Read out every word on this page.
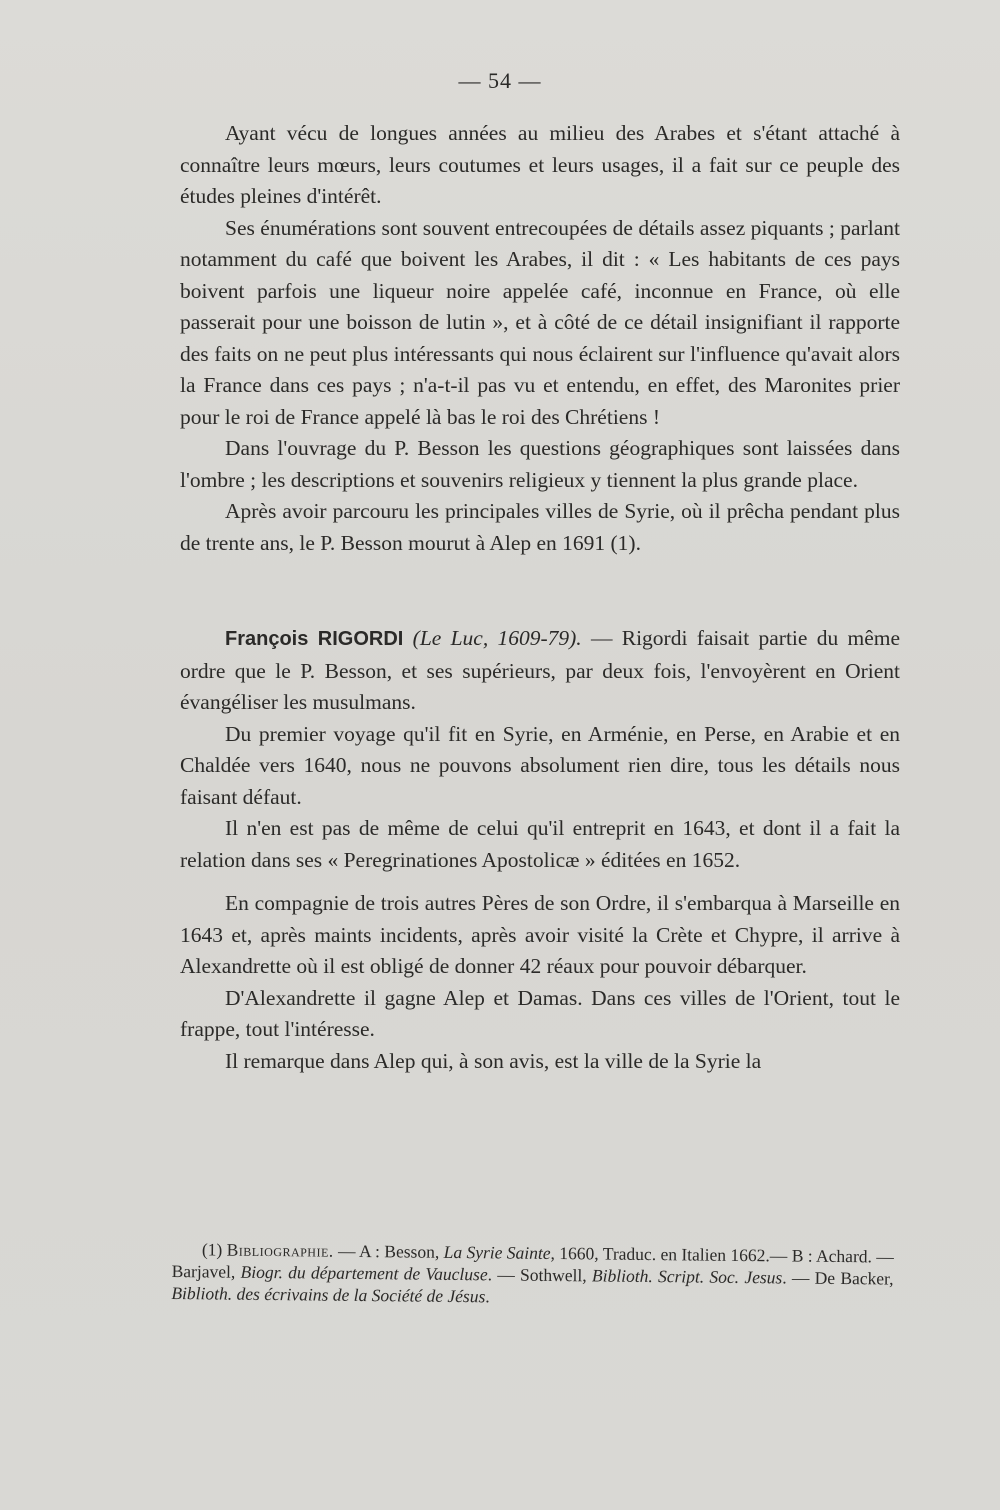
— 54 —

Ayant vécu de longues années au milieu des Arabes et s'étant attaché à connaître leurs mœurs, leurs coutumes et leurs usages, il a fait sur ce peuple des études pleines d'intérêt.

Ses énumérations sont souvent entrecoupées de détails assez piquants ; parlant notamment du café que boivent les Arabes, il dit : « Les habitants de ces pays boivent parfois une liqueur noire appelée café, inconnue en France, où elle passerait pour une boisson de lutin », et à côté de ce détail insignifiant il rapporte des faits on ne peut plus intéressants qui nous éclairent sur l'influence qu'avait alors la France dans ces pays ; n'a-t-il pas vu et entendu, en effet, des Maronites prier pour le roi de France appelé là bas le roi des Chrétiens !

Dans l'ouvrage du P. Besson les questions géographiques sont laissées dans l'ombre ; les descriptions et souvenirs religieux y tiennent la plus grande place.

Après avoir parcouru les principales villes de Syrie, où il prêcha pendant plus de trente ans, le P. Besson mourut à Alep en 1691 (1).

François RIGORDI (Le Luc, 1609-79). — Rigordi faisait partie du même ordre que le P. Besson, et ses supérieurs, par deux fois, l'envoyèrent en Orient évangéliser les musulmans.

Du premier voyage qu'il fit en Syrie, en Arménie, en Perse, en Arabie et en Chaldée vers 1640, nous ne pouvons absolument rien dire, tous les détails nous faisant défaut.

Il n'en est pas de même de celui qu'il entreprit en 1643, et dont il a fait la relation dans ses « Peregrinationes Apostolicæ » éditées en 1652.

En compagnie de trois autres Pères de son Ordre, il s'embarqua à Marseille en 1643 et, après maints incidents, après avoir visité la Crète et Chypre, il arrive à Alexandrette où il est obligé de donner 42 réaux pour pouvoir débarquer.

D'Alexandrette il gagne Alep et Damas. Dans ces villes de l'Orient, tout le frappe, tout l'intéresse.

Il remarque dans Alep qui, à son avis, est la ville de la Syrie la

(1) Bibliographie. — A : Besson, La Syrie Sainte, 1660, Traduc. en Italien 1662.— B : Achard. — Barjavel, Biogr. du département de Vaucluse. — Sothwell, Biblioth. Script. Soc. Jesus. — De Backer, Biblioth. des écrivains de la Société de Jésus.
